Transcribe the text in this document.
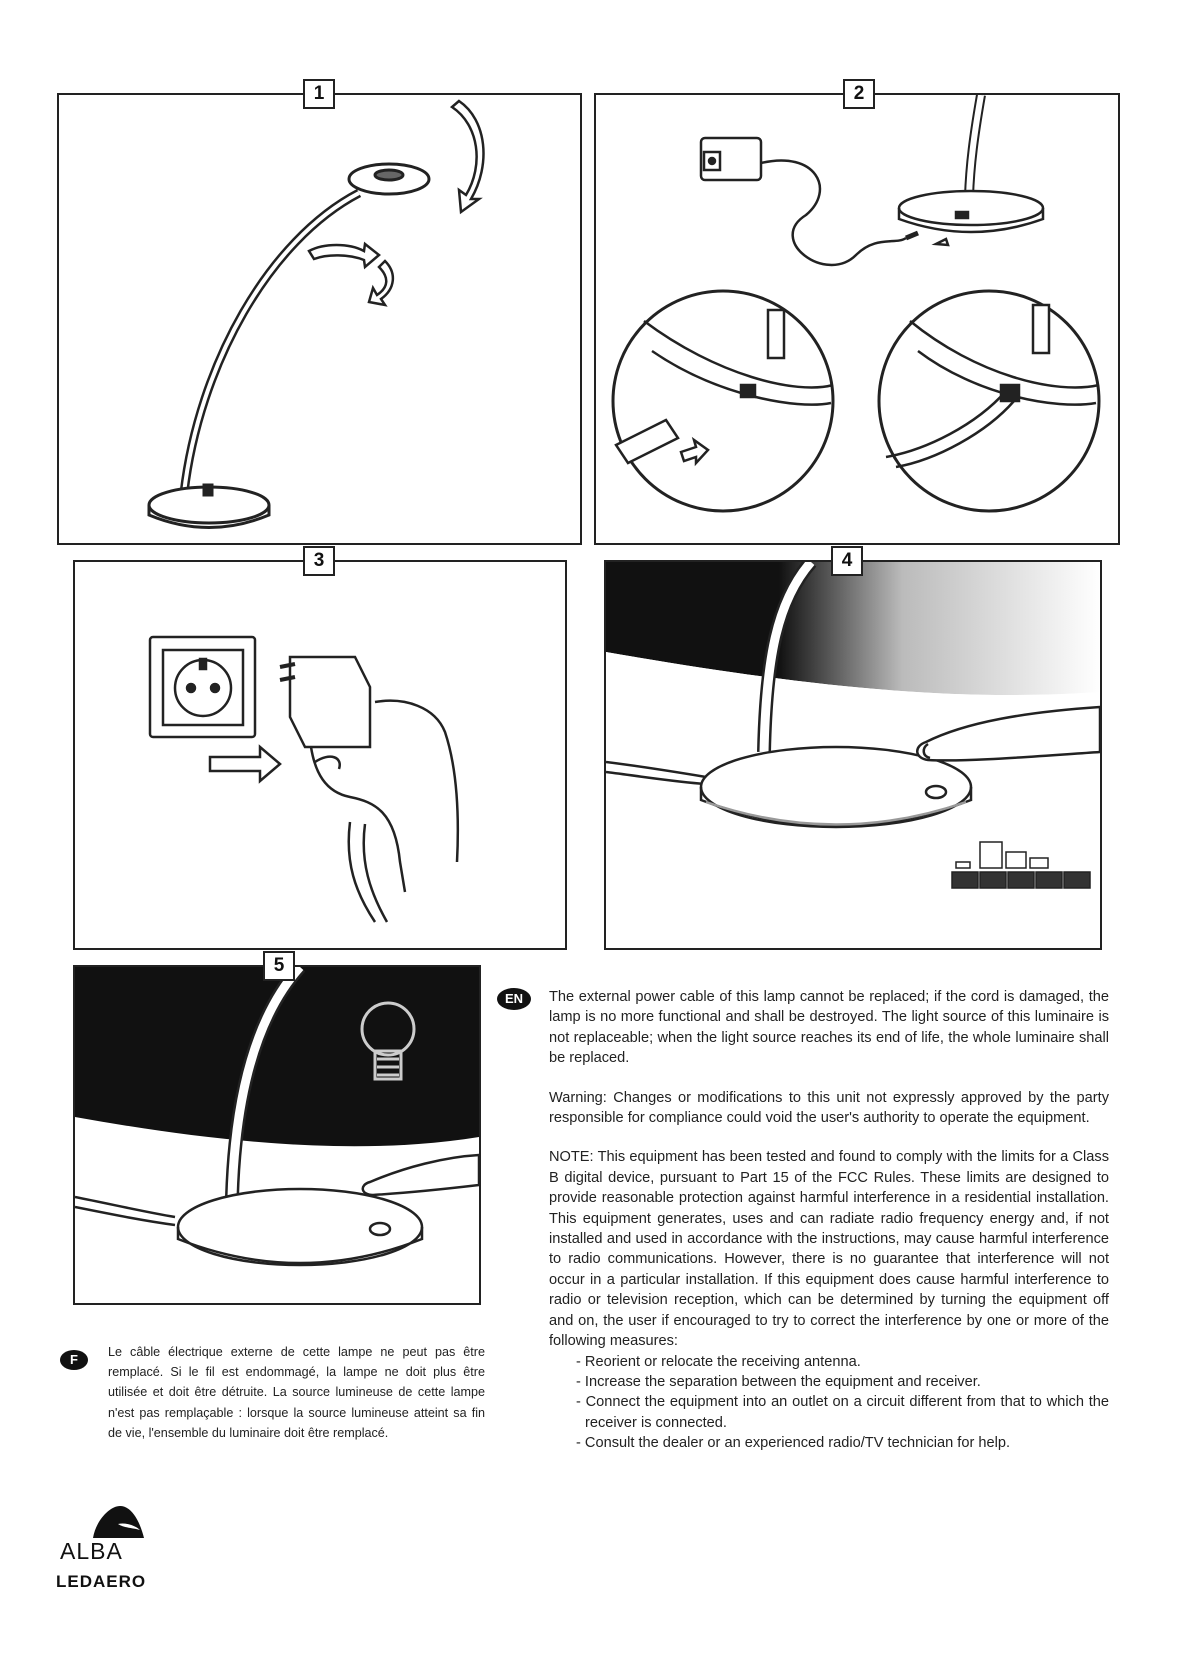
1	2
3	4
5
EN	The external power cable of this lamp cannot be replaced; if the cord is damaged, the lamp is no more functional and shall be destroyed. The light source of this luminaire is not replaceable; when the light source reaches its end of life, the whole luminaire shall be replaced.

Warning: Changes or modifications to this unit not expressly approved by the party responsible for compliance could void the user's authority to operate the equipment.

NOTE: This equipment has been tested and found to comply with the limits for a Class B digital device, pursuant to Part 15 of the FCC Rules. These limits are designed to provide reasonable protection against harmful interference in a residential installation. This equipment generates, uses and can radiate radio frequency energy and, if not installed and used in accordance with the instructions, may cause harmful interference to radio communications. However, there is no guarantee that interference will not occur in a particular installation. If this equipment does cause harmful interference to radio or television reception, which can be determined by turning the equipment off and on, the user if encouraged to try to correct the interference by one or more of the following measures:

- Reorient or relocate the receiving antenna.
- Increase the separation between the equipment and receiver.
- Connect the equipment into an outlet on a circuit different from that to which the receiver is connected.
- Consult the dealer or an experienced radio/TV technician for help.
F	Le câble électrique externe de cette lampe ne peut pas être remplacé. Si le fil est endommagé, la lampe ne doit plus être utilisée et doit être détruite. La source lumineuse de cette lampe n'est pas remplaçable : lorsque la source lumineuse atteint sa fin de vie, l'ensemble du luminaire doit être remplacé.
ALBA
LEDAERO
